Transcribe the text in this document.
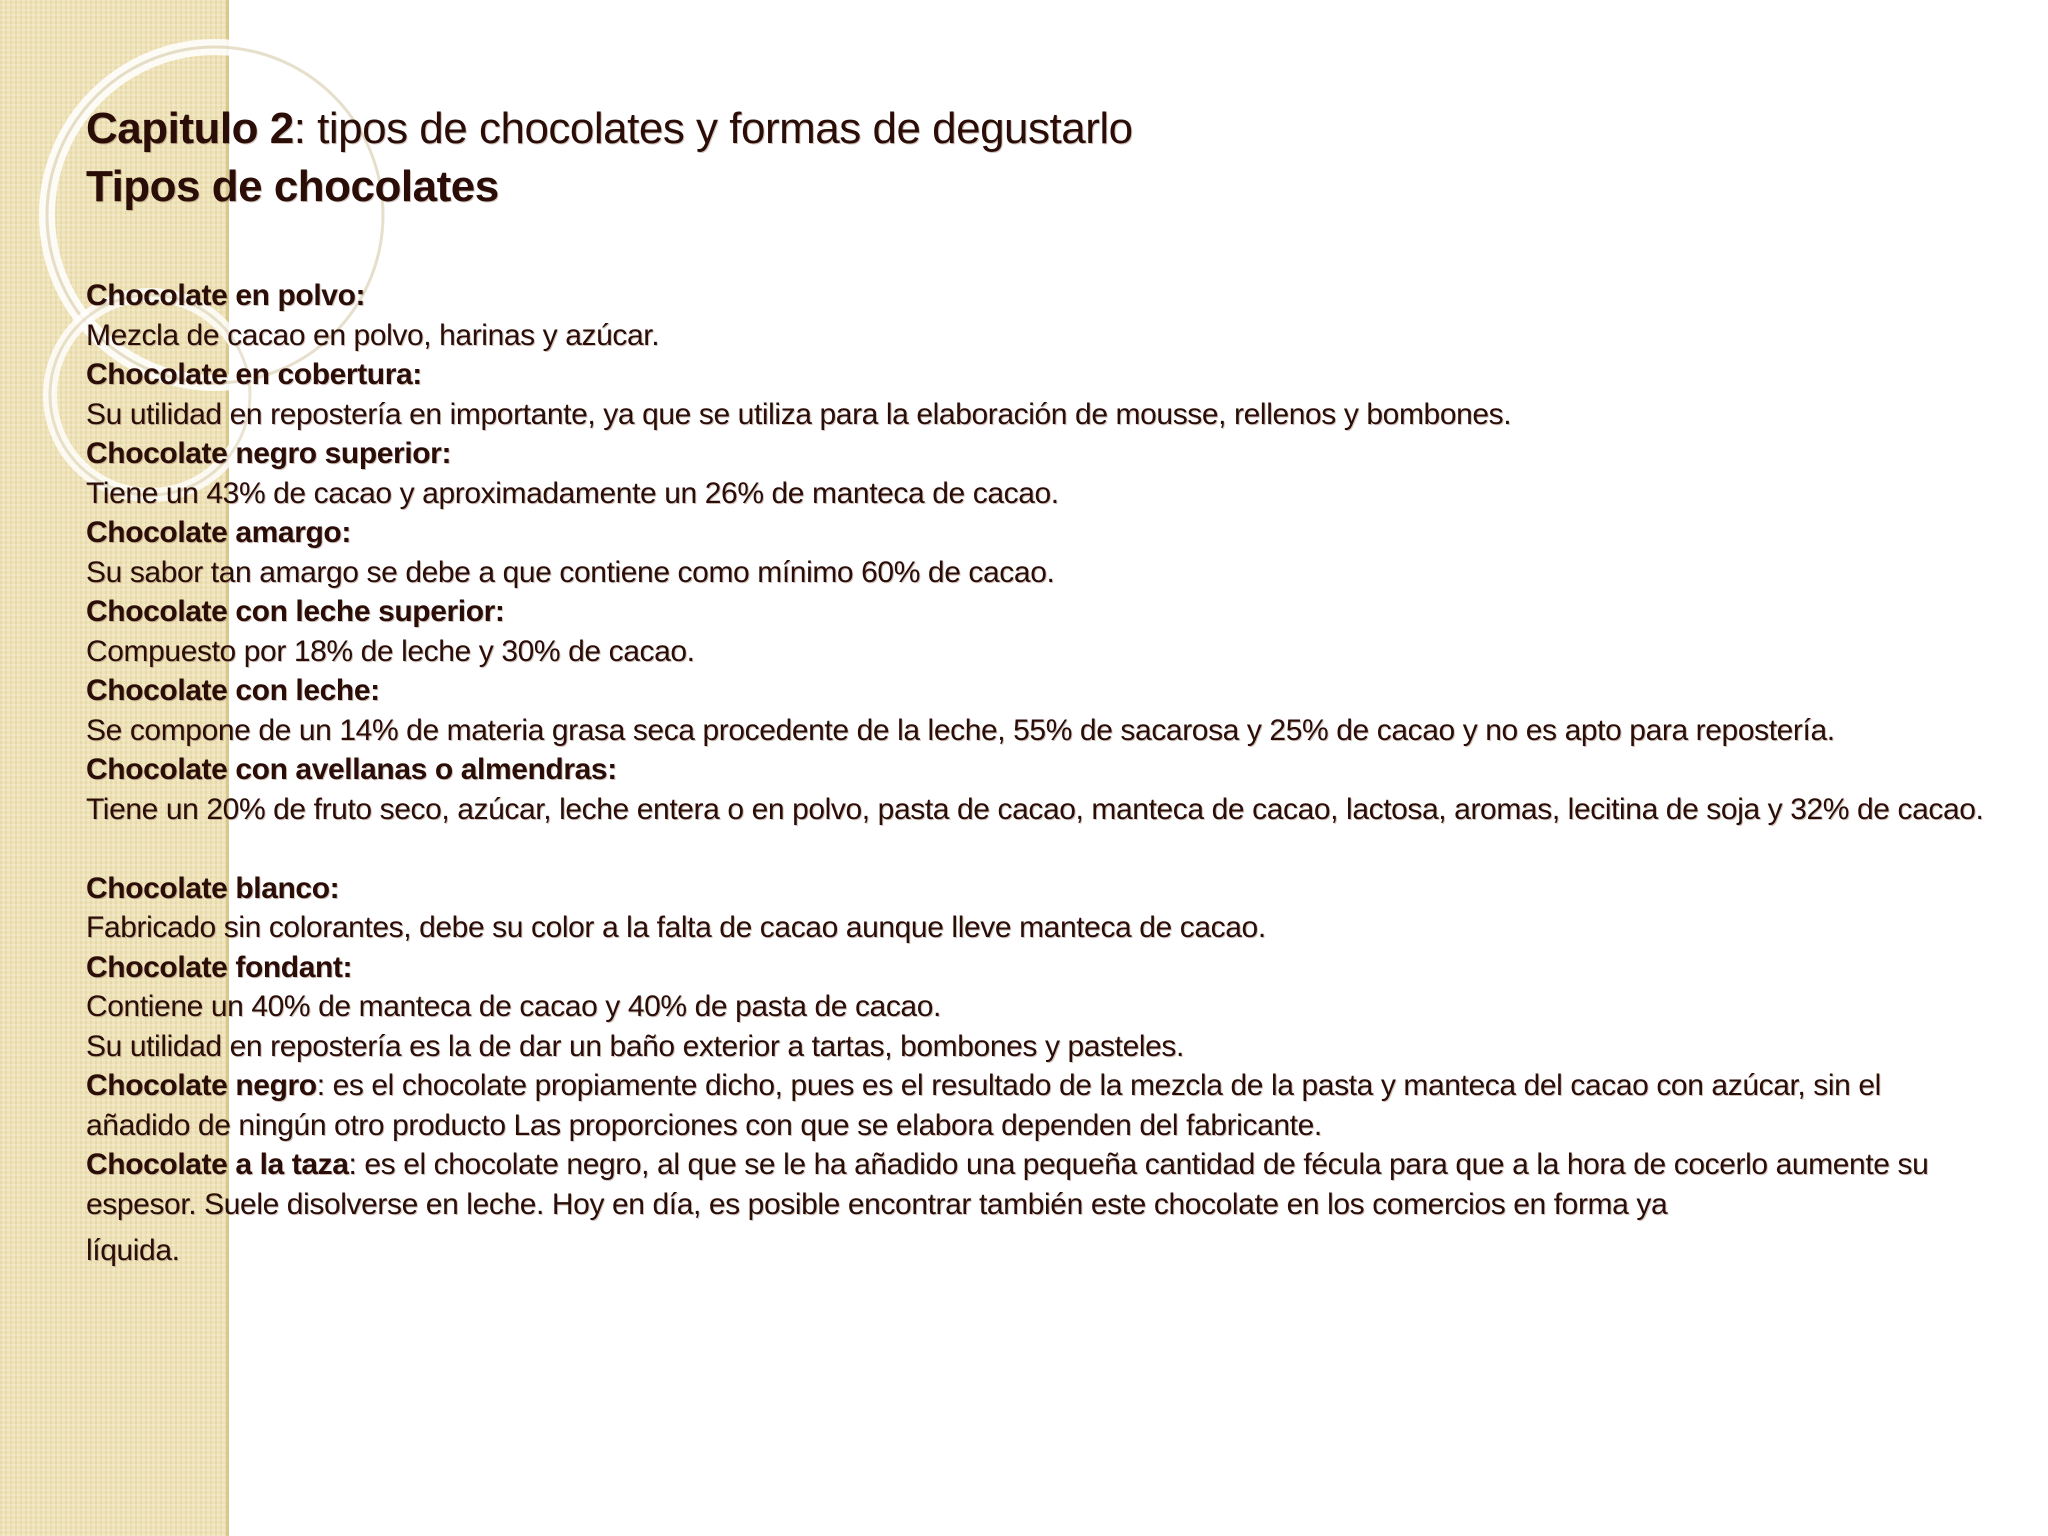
Capitulo 2: tipos de chocolates y formas de degustarlo
Tipos de chocolates
Chocolate en polvo:
Mezcla de cacao en polvo, harinas y azúcar.
Chocolate en cobertura:
Su utilidad en repostería en importante, ya que se utiliza para la elaboración de mousse, rellenos y bombones.
Chocolate negro superior:
Tiene un 43% de cacao y aproximadamente un 26% de manteca de cacao.
Chocolate amargo:
Su sabor tan amargo se debe a que contiene como mínimo 60% de cacao.
Chocolate con leche superior:
Compuesto por 18% de leche y 30% de cacao.
Chocolate con leche:
Se compone de un 14% de materia grasa seca procedente de la leche, 55% de sacarosa y 25% de cacao y no es apto para repostería.
Chocolate con avellanas o almendras:
Tiene un 20% de fruto seco, azúcar, leche entera o en polvo, pasta de cacao, manteca de cacao, lactosa, aromas, lecitina de soja y 32% de cacao.
Chocolate blanco:
Fabricado sin colorantes, debe su color a la falta de cacao aunque lleve manteca de cacao.
Chocolate fondant:
Contiene un 40% de manteca de cacao y 40% de pasta de cacao.
Su utilidad en repostería es la de dar un baño exterior a tartas, bombones y pasteles.
Chocolate negro: es el chocolate propiamente dicho, pues es el resultado de la mezcla de la pasta y manteca del cacao con azúcar, sin el añadido de ningún otro producto Las proporciones con que se elabora dependen del fabricante.
Chocolate a la taza: es el chocolate negro, al que se le ha añadido una pequeña cantidad de fécula para que a la hora de cocerlo aumente su espesor. Suele disolverse en leche. Hoy en día, es posible encontrar también este chocolate en los comercios en forma ya
líquida.
